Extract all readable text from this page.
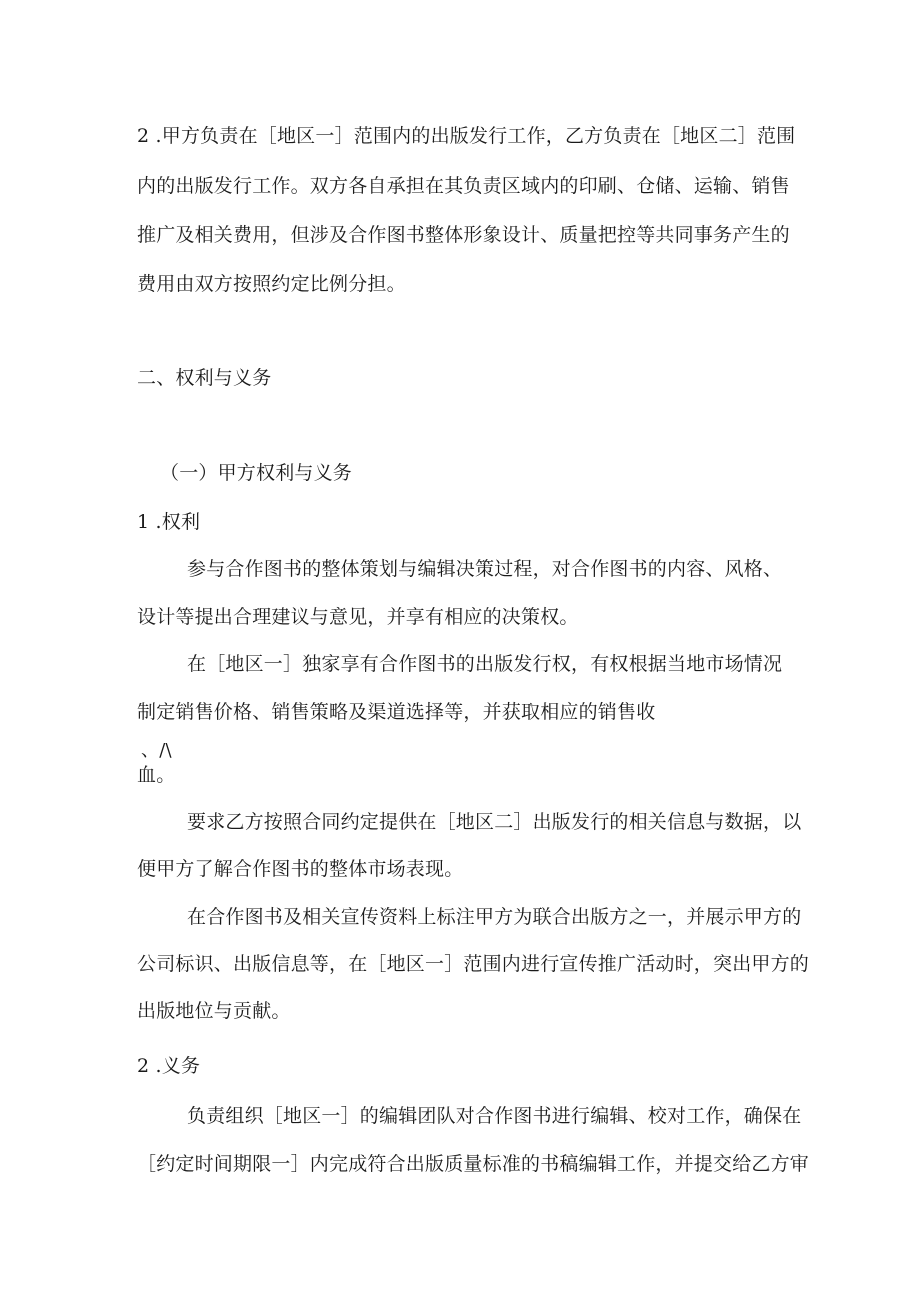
2 .甲方负责在［地区一］范围内的出版发行工作，乙方负责在［地区二］范围
内的出版发行工作。双方各自承担在其负责区域内的印刷、仓储、运输、销售
推广及相关费用，但涉及合作图书整体形象设计、质量把控等共同事务产生的
费用由双方按照约定比例分担。
二、权利与义务
（一）甲方权利与义务
1 .权利
参与合作图书的整体策划与编辑决策过程，对合作图书的内容、风格、
设计等提出合理建议与意见，并享有相应的决策权。
在［地区一］独家享有合作图书的出版发行权，有权根据当地市场情况
制定销售价格、销售策略及渠道选择等，并获取相应的销售收
、/\
血。
要求乙方按照合同约定提供在［地区二］出版发行的相关信息与数据，以
便甲方了解合作图书的整体市场表现。
在合作图书及相关宣传资料上标注甲方为联合出版方之一，并展示甲方的
公司标识、出版信息等，在［地区一］范围内进行宣传推广活动时，突出甲方的
出版地位与贡献。
2 .义务
负责组织［地区一］的编辑团队对合作图书进行编辑、校对工作，确保在
［约定时间期限一］内完成符合出版质量标准的书稿编辑工作，并提交给乙方审
